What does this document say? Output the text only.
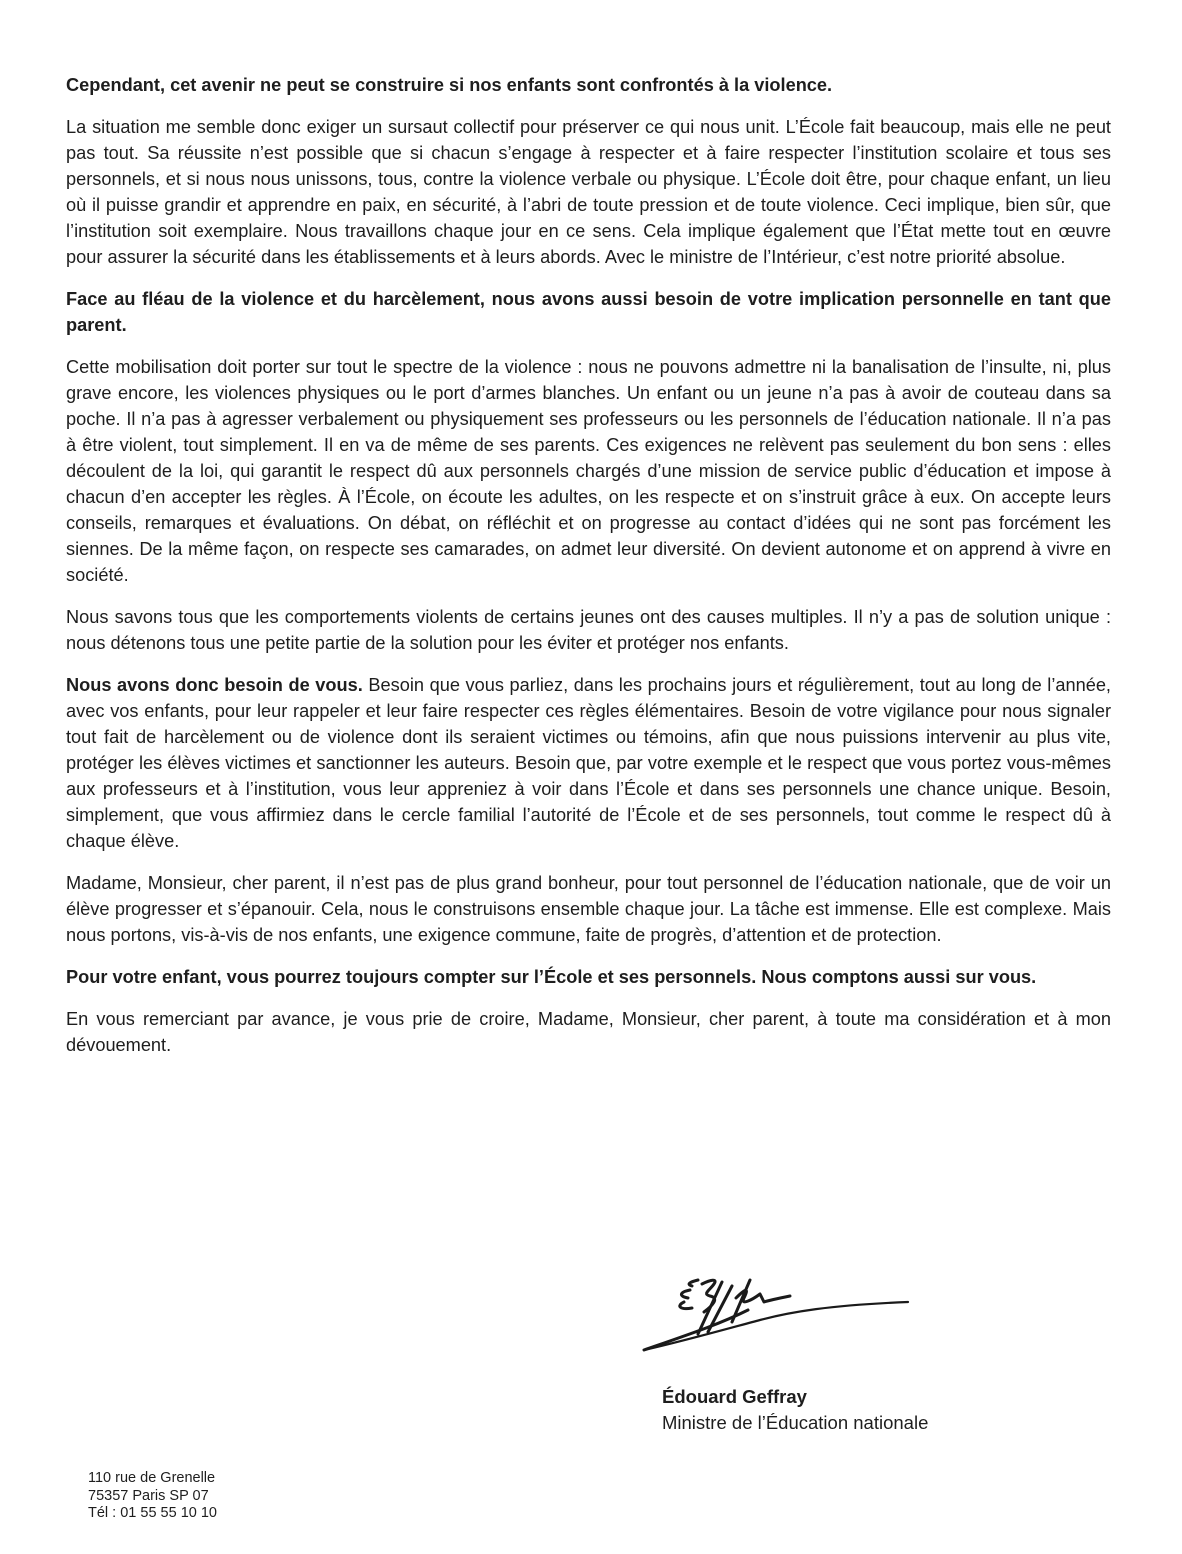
Cependant, cet avenir ne peut se construire si nos enfants sont confrontés à la violence.

La situation me semble donc exiger un sursaut collectif pour préserver ce qui nous unit. L’École fait beaucoup, mais elle ne peut pas tout. Sa réussite n’est possible que si chacun s’engage à respecter et à faire respecter l’institution scolaire et tous ses personnels, et si nous nous unissons, tous, contre la violence verbale ou physique. L’École doit être, pour chaque enfant, un lieu où il puisse grandir et apprendre en paix, en sécurité, à l’abri de toute pression et de toute violence. Ceci implique, bien sûr, que l’institution soit exemplaire. Nous travaillons chaque jour en ce sens. Cela implique également que l’État mette tout en œuvre pour assurer la sécurité dans les établissements et à leurs abords. Avec le ministre de l’Intérieur, c’est notre priorité absolue.

Face au fléau de la violence et du harcèlement, nous avons aussi besoin de votre implication personnelle en tant que parent.

Cette mobilisation doit porter sur tout le spectre de la violence : nous ne pouvons admettre ni la banalisation de l’insulte, ni, plus grave encore, les violences physiques ou le port d’armes blanches. Un enfant ou un jeune n’a pas à avoir de couteau dans sa poche. Il n’a pas à agresser verbalement ou physiquement ses professeurs ou les personnels de l’éducation nationale. Il n’a pas à être violent, tout simplement. Il en va de même de ses parents. Ces exigences ne relèvent pas seulement du bon sens : elles découlent de la loi, qui garantit le respect dû aux personnels chargés d’une mission de service public d’éducation et impose à chacun d’en accepter les règles. À l’École, on écoute les adultes, on les respecte et on s’instruit grâce à eux. On accepte leurs conseils, remarques et évaluations. On débat, on réfléchit et on progresse au contact d’idées qui ne sont pas forcément les siennes. De la même façon, on respecte ses camarades, on admet leur diversité. On devient autonome et on apprend à vivre en société.

Nous savons tous que les comportements violents de certains jeunes ont des causes multiples. Il n’y a pas de solution unique : nous détenons tous une petite partie de la solution pour les éviter et protéger nos enfants.

Nous avons donc besoin de vous. Besoin que vous parliez, dans les prochains jours et régulièrement, tout au long de l’année, avec vos enfants, pour leur rappeler et leur faire respecter ces règles élémentaires. Besoin de votre vigilance pour nous signaler tout fait de harcèlement ou de violence dont ils seraient victimes ou témoins, afin que nous puissions intervenir au plus vite, protéger les élèves victimes et sanctionner les auteurs. Besoin que, par votre exemple et le respect que vous portez vous-mêmes aux professeurs et à l’institution, vous leur appreniez à voir dans l’École et dans ses personnels une chance unique. Besoin, simplement, que vous affirmiez dans le cercle familial l’autorité de l’École et de ses personnels, tout comme le respect dû à chaque élève.

Madame, Monsieur, cher parent, il n’est pas de plus grand bonheur, pour tout personnel de l’éducation nationale, que de voir un élève progresser et s’épanouir. Cela, nous le construisons ensemble chaque jour. La tâche est immense. Elle est complexe. Mais nous portons, vis-à-vis de nos enfants, une exigence commune, faite de progrès, d’attention et de protection.

Pour votre enfant, vous pourrez toujours compter sur l’École et ses personnels. Nous comptons aussi sur vous.

En vous remerciant par avance, je vous prie de croire, Madame, Monsieur, cher parent, à toute ma considération et à mon dévouement.

Édouard Geffray
Ministre de l’Éducation nationale
110 rue de Grenelle
75357 Paris SP 07
Tél : 01 55 55 10 10
